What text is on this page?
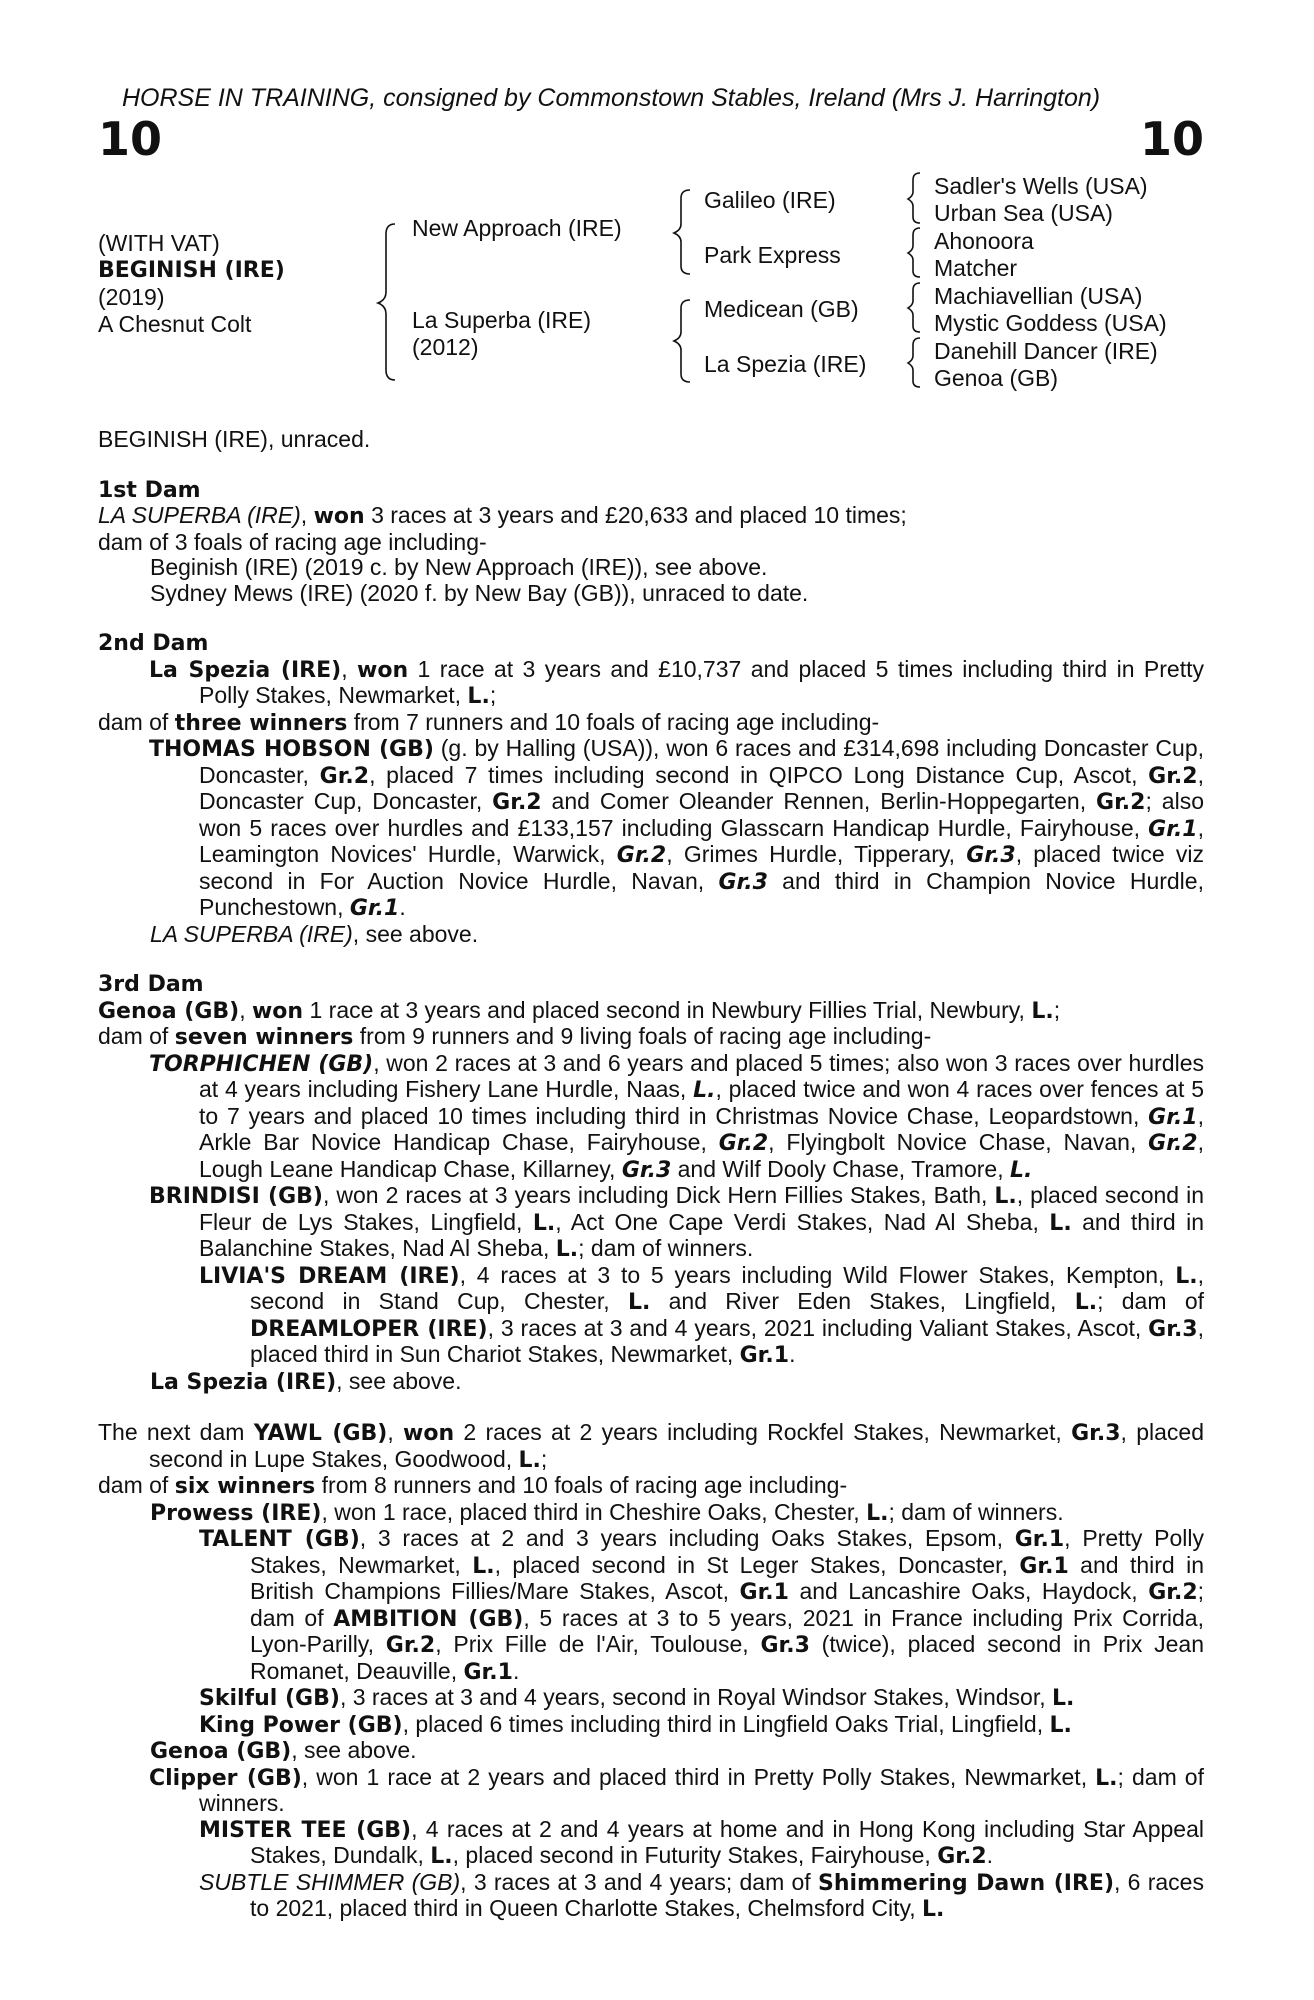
HORSE IN TRAINING, consigned by Commonstown Stables, Ireland (Mrs J. Harrington)
10	10
(WITH VAT)
BEGINISH (IRE)
(2019)
A Chesnut Colt
New Approach (IRE)
La Superba (IRE)
(2012)
Galileo (IRE)
Park Express
Medicean (GB)
La Spezia (IRE)
Sadler's Wells (USA)
Urban Sea (USA)
Ahonoora
Matcher
Machiavellian (USA)
Mystic Goddess (USA)
Danehill Dancer (IRE)
Genoa (GB)

BEGINISH (IRE), unraced.

1st Dam

LA SUPERBA (IRE), won 3 races at 3 years and £20,633 and placed 10 times;

dam of 3 foals of racing age including-

Beginish (IRE) (2019 c. by New Approach (IRE)), see above.

Sydney Mews (IRE) (2020 f. by New Bay (GB)), unraced to date.

2nd Dam

La Spezia (IRE), won 1 race at 3 years and £10,737 and placed 5 times including third in Pretty Polly Stakes, Newmarket, L.;

dam of three winners from 7 runners and 10 foals of racing age including-

THOMAS HOBSON (GB) (g. by Halling (USA)), won 6 races and £314,698 including Doncaster Cup, Doncaster, Gr.2, placed 7 times including second in QIPCO Long Distance Cup, Ascot, Gr.2, Doncaster Cup, Doncaster, Gr.2 and Comer Oleander Rennen, Berlin-Hoppegarten, Gr.2; also won 5 races over hurdles and £133,157 including Glasscarn Handicap Hurdle, Fairyhouse, Gr.1, Leamington Novices' Hurdle, Warwick, Gr.2, Grimes Hurdle, Tipperary, Gr.3, placed twice viz second in For Auction Novice Hurdle, Navan, Gr.3 and third in Champion Novice Hurdle, Punchestown, Gr.1.

LA SUPERBA (IRE), see above.

3rd Dam

Genoa (GB), won 1 race at 3 years and placed second in Newbury Fillies Trial, Newbury, L.;

dam of seven winners from 9 runners and 9 living foals of racing age including-

TORPHICHEN (GB), won 2 races at 3 and 6 years and placed 5 times; also won 3 races over hurdles at 4 years including Fishery Lane Hurdle, Naas, L., placed twice and won 4 races over fences at 5 to 7 years and placed 10 times including third in Christmas Novice Chase, Leopardstown, Gr.1, Arkle Bar Novice Handicap Chase, Fairyhouse, Gr.2, Flyingbolt Novice Chase, Navan, Gr.2, Lough Leane Handicap Chase, Killarney, Gr.3 and Wilf Dooly Chase, Tramore, L.

BRINDISI (GB), won 2 races at 3 years including Dick Hern Fillies Stakes, Bath, L., placed second in Fleur de Lys Stakes, Lingfield, L., Act One Cape Verdi Stakes, Nad Al Sheba, L. and third in Balanchine Stakes, Nad Al Sheba, L.; dam of winners.

LIVIA'S DREAM (IRE), 4 races at 3 to 5 years including Wild Flower Stakes, Kempton, L., second in Stand Cup, Chester, L. and River Eden Stakes, Lingfield, L.; dam of DREAMLOPER (IRE), 3 races at 3 and 4 years, 2021 including Valiant Stakes, Ascot, Gr.3, placed third in Sun Chariot Stakes, Newmarket, Gr.1.

La Spezia (IRE), see above.

The next dam YAWL (GB), won 2 races at 2 years including Rockfel Stakes, Newmarket, Gr.3, placed second in Lupe Stakes, Goodwood, L.;

dam of six winners from 8 runners and 10 foals of racing age including-

Prowess (IRE), won 1 race, placed third in Cheshire Oaks, Chester, L.; dam of winners.

TALENT (GB), 3 races at 2 and 3 years including Oaks Stakes, Epsom, Gr.1, Pretty Polly Stakes, Newmarket, L., placed second in St Leger Stakes, Doncaster, Gr.1 and third in British Champions Fillies/Mare Stakes, Ascot, Gr.1 and Lancashire Oaks, Haydock, Gr.2; dam of AMBITION (GB), 5 races at 3 to 5 years, 2021 in France including Prix Corrida, Lyon-Parilly, Gr.2, Prix Fille de l'Air, Toulouse, Gr.3 (twice), placed second in Prix Jean Romanet, Deauville, Gr.1.

Skilful (GB), 3 races at 3 and 4 years, second in Royal Windsor Stakes, Windsor, L.

King Power (GB), placed 6 times including third in Lingfield Oaks Trial, Lingfield, L.

Genoa (GB), see above.

Clipper (GB), won 1 race at 2 years and placed third in Pretty Polly Stakes, Newmarket, L.; dam of winners.

MISTER TEE (GB), 4 races at 2 and 4 years at home and in Hong Kong including Star Appeal Stakes, Dundalk, L., placed second in Futurity Stakes, Fairyhouse, Gr.2.

SUBTLE SHIMMER (GB), 3 races at 3 and 4 years; dam of Shimmering Dawn (IRE), 6 races to 2021, placed third in Queen Charlotte Stakes, Chelmsford City, L.
